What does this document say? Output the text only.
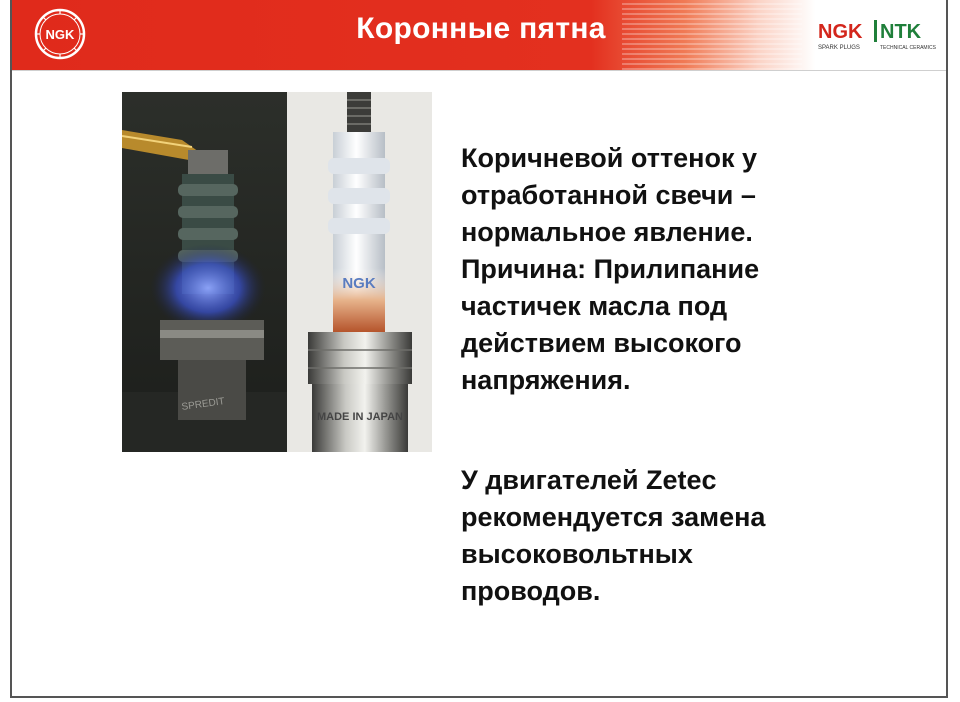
NGK	Коронные пятна	NGK NTK
SPARK PLUGS	TECHNICAL CERAMICS
SPREDIT
NGK
MADE IN JAPAN

Коричневой оттенок у
отработанной свечи –
нормальное явление.
Причина: Прилипание
частичек масла под
действием высокого
напряжения.

У двигателей Zetec
рекомендуется замена
высоковольтных
проводов.
